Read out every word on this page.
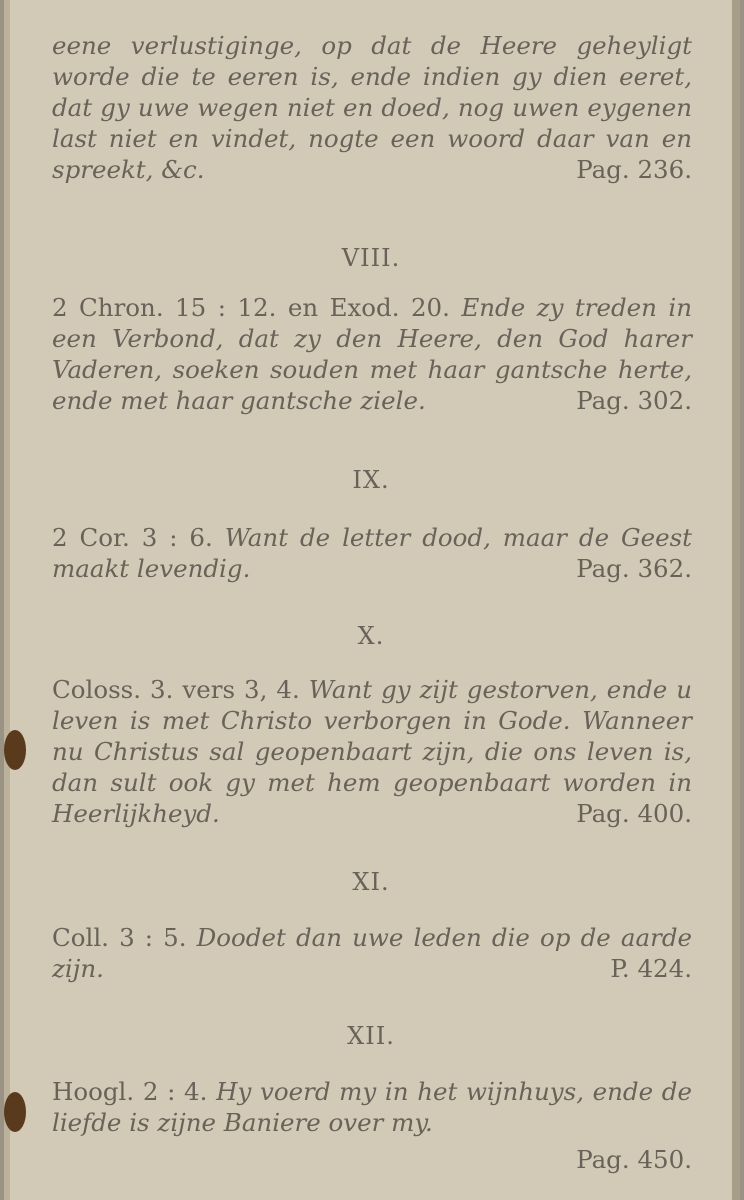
eene verlustiginge, op dat de Heere geheyligt worde die te eeren is, ende indien gy dien eeret, dat gy uwe wegen niet en doed, nog uwen eygenen last niet en vindet, nogte een woord daar van en spreekt, &c.	Pag. 236.

VIII.

2 Chron. 15 : 12. en Exod. 20. Ende zy treden in een Verbond, dat zy den Heere, den God harer Vaderen, soeken souden met haar gantsche herte, ende met haar gantsche ziele.	Pag. 302.

IX.

2 Cor. 3 : 6. Want de letter dood, maar de Geest maakt levendig.	Pag. 362.

X.

Coloss. 3. vers 3, 4. Want gy zijt gestorven, ende u leven is met Christo verborgen in Gode. Wanneer nu Christus sal geopenbaart zijn, die ons leven is, dan sult ook gy met hem geopenbaart worden in Heerlijkheyd.	Pag. 400.

XI.

Coll. 3 : 5. Doodet dan uwe leden die op de aarde zijn.	P. 424.

XII.

Hoogl. 2 : 4. Hy voerd my in het wijnhuys, ende de liefde is zijne Baniere over my.

Pag. 450.
